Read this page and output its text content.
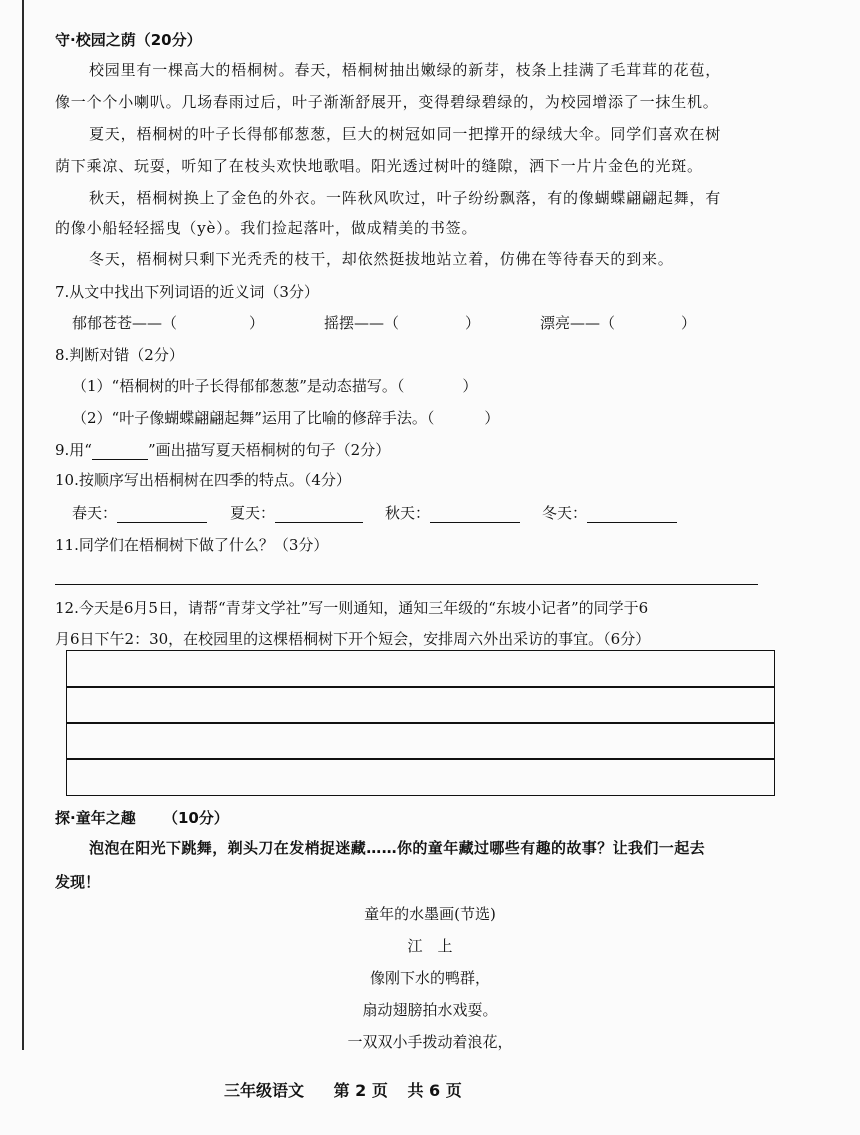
守·校园之荫（20分）
校园里有一棵高大的梧桐树。春天，梧桐树抽出嫩绿的新芽，枝条上挂满了毛茸茸的花苞，
像一个个小喇叭。几场春雨过后，叶子渐渐舒展开，变得碧绿碧绿的，为校园增添了一抹生机。
夏天，梧桐树的叶子长得郁郁葱葱，巨大的树冠如同一把撑开的绿绒大伞。同学们喜欢在树
荫下乘凉、玩耍，听知了在枝头欢快地歌唱。阳光透过树叶的缝隙，洒下一片片金色的光斑。
秋天，梧桐树换上了金色的外衣。一阵秋风吹过，叶子纷纷飘落，有的像蝴蝶翩翩起舞，有
的像小船轻轻摇曳（yè）。我们捡起落叶，做成精美的书签。
冬天，梧桐树只剩下光秃秃的枝干，却依然挺拔地站立着，仿佛在等待春天的到来。
7.从文中找出下列词语的近义词（3分）
郁郁苍苍——（	）	摇摆——（	）	漂亮——（	）
8.判断对错（2分）
（1）“梧桐树的叶子长得郁郁葱葱”是动态描写。（	）
（2）“叶子像蝴蝶翩翩起舞”运用了比喻的修辞手法。（	）
9.用“	”画出描写夏天梧桐树的句子（2分）
10.按顺序写出梧桐树在四季的特点。（4分）
春天：	夏天：	秋天：	冬天：
11.同学们在梧桐树下做了什么？（3分）
12.今天是6月5日，请帮“青芽文学社”写一则通知，通知三年级的“东坡小记者”的同学于6
月6日下午2：30，在校园里的这棵梧桐树下开个短会，安排周六外出采访的事宜。（6分）
探·童年之趣 （10分）
泡泡在阳光下跳舞，剃头刀在发梢捉迷藏……你的童年藏过哪些有趣的故事？让我们一起去
发现！
童年的水墨画(节选)
江　上
像刚下水的鸭群，
扇动翅膀拍水戏耍。
一双双小手拨动着浪花，
三年级语文 第 2 页 共 6 页
